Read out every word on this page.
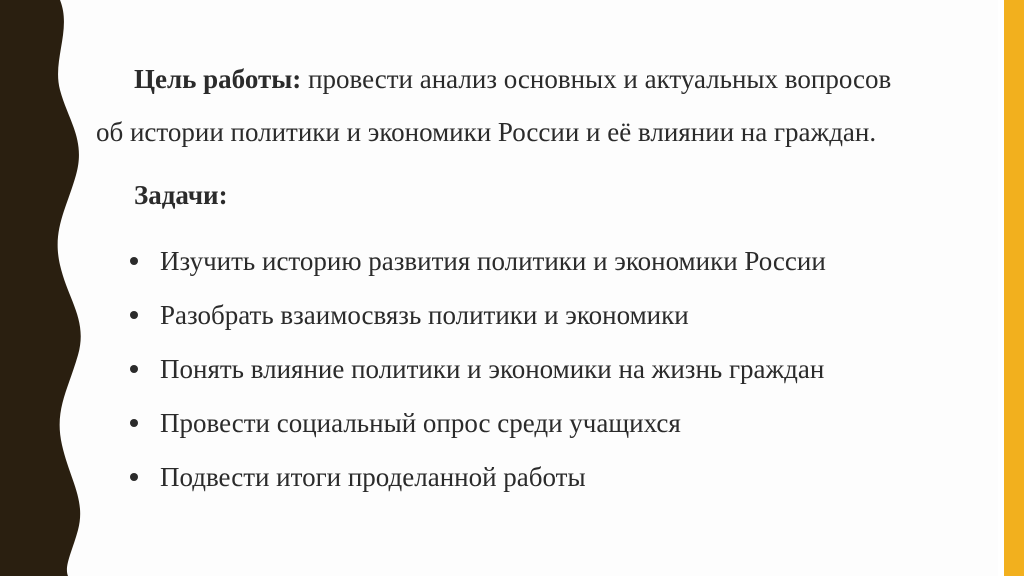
Цель работы: провести анализ основных и актуальных вопросов
об истории политики и экономики России и её влиянии на граждан.
Задачи:
Изучить историю развития политики и экономики России
Разобрать взаимосвязь политики и экономики
Понять влияние политики и экономики на жизнь граждан
Провести социальный опрос среди учащихся
Подвести итоги проделанной работы
